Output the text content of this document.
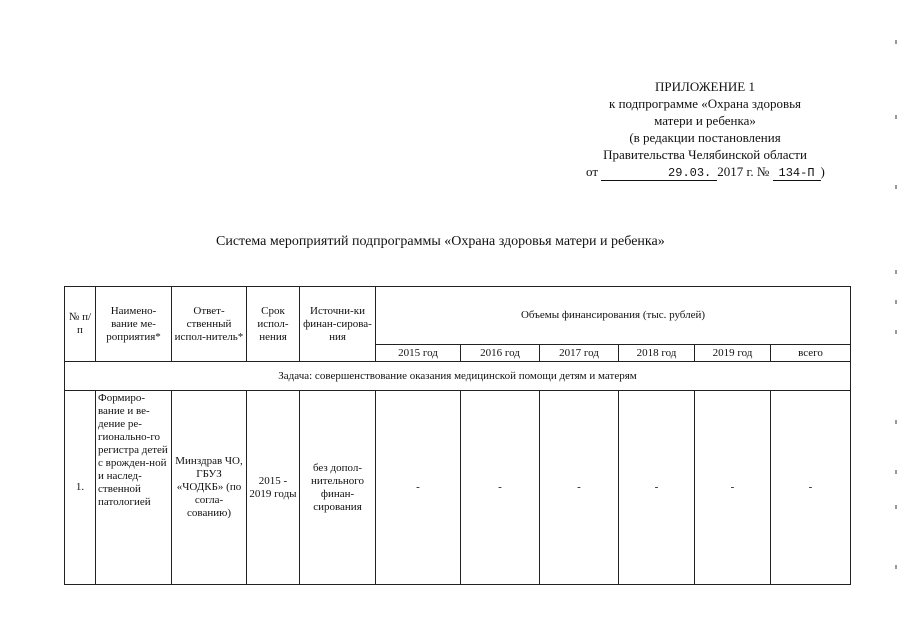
ПРИЛОЖЕНИЕ 1
к подпрограмме «Охрана здоровья
матери и ребенка»
(в редакции постановления
Правительства Челябинской области
от	29.03. 2017 г. № 134-П )
Система мероприятий подпрограммы «Охрана здоровья матери и ребенка»
№ п/п	Наимено-вание ме-роприятия*	Ответ-ственный испол-нитель*	Срок испол-нения	Источни-ки финан-сирова-ния	Объемы финансирования (тыс. рублей)					
					2015 год	2016 год	2017 год	2018 год	2019 год	всего
Задача: совершенствование оказания медицинской помощи детям и матерям										
1.	Формиро-вание и ве-дение ре-гионально-го регистра детей с врожден-ной и наслед-ственной патологией	Минздрав ЧО, ГБУЗ «ЧОДКБ» (по согла-сованию)	2015 - 2019 годы	без допол-нительного финан-сирования	-	-	-	-	-	-
